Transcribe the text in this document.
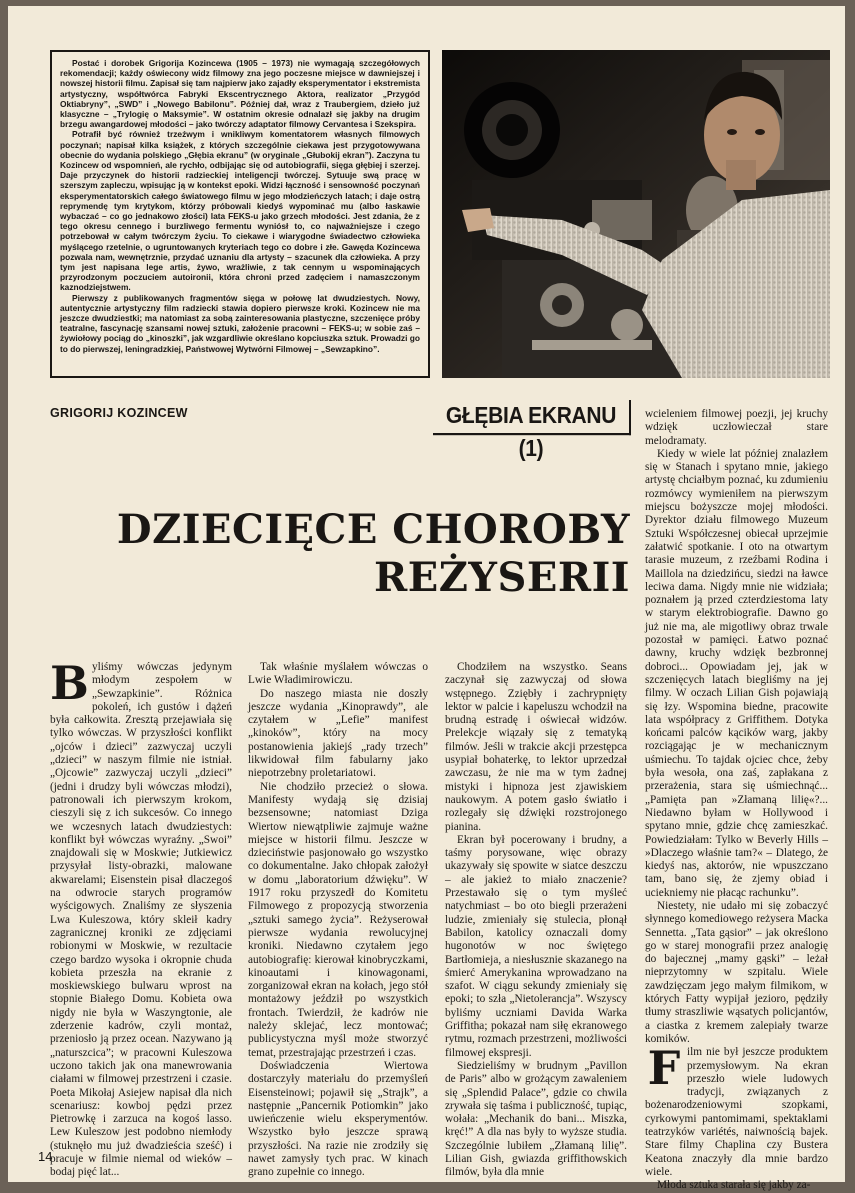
Postać i dorobek Grigorija Kozincewa (1905 – 1973) nie wymagają szczegółowych rekomendacji; każdy oświecony widz filmowy zna jego poczesne miejsce w dawniejszej i nowszej historii filmu. Zapisał się tam najpierw jako zajadły eksperymentator i ekstremista artystyczny, współtwórca Fabryki Ekscentrycznego Aktora, realizator „Przygód Oktiabryny”, „SWD” i „Nowego Babilonu”. Później dał, wraz z Traubergiem, dzieło już klasyczne – „Trylogię o Maksymie”. W ostatnim okresie odnalazł się jakby na drugim brzegu awangardowej młodości – jako twórczy adaptator filmowy Cervantesa i Szekspira.

Potrafił być również trzeźwym i wnikliwym komentatorem własnych filmowych poczynań; napisał kilka książek, z których szczególnie ciekawa jest przygotowywana obecnie do wydania polskiego „Głębia ekranu” (w oryginale „Głubokij ekran”). Zaczyna tu Kozincew od wspomnień, ale rychło, odbijając się od autobiografii, sięga głębiej i szerzej. Daje przyczynek do historii radzieckiej inteligencji twórczej. Sytuuje swą pracę w szerszym zapleczu, wpisując ją w kontekst epoki. Widzi łączność i sensowność poczynań eksperymentatorskich całego światowego filmu w jego młodzieńczych latach; i daje ostrą reprymendę tym krytykom, którzy próbowali kiedyś wypominać mu (albo łaskawie wybaczać – co go jednakowo złości) lata FEKS-u jako grzech młodości. Jest zdania, że z tego okresu cennego i burzliwego fermentu wyniósł to, co najważniejsze i czego potrzebował w całym twórczym życiu. To ciekawe i wiarygodne świadectwo człowieka myślącego rzetelnie, o ugruntowanych kryteriach tego co dobre i złe. Gawęda Kozincewa pozwala nam, wewnętrznie, przydać uznaniu dla artysty – szacunek dla człowieka. A przy tym jest napisana lege artis, żywo, wrażliwie, z tak cennym u wspominających przyrodzonym poczuciem autoironii, która chroni przed zadęciem i namaszczonym kaznodziejstwem.

Pierwszy z publikowanych fragmentów sięga w połowę lat dwudziestych. Nowy, autentycznie artystyczny film radziecki stawia dopiero pierwsze kroki. Kozincew nie ma jeszcze dwudziestki; ma natomiast za sobą zainteresowania plastyczne, szczenięce próby teatralne, fascynację szansami nowej sztuki, założenie pracowni – FEKS-u; w sobie zaś – żywiołowy pociąg do „kinoszki”, jak wzgardliwie określano kopciuszka sztuk. Prowadzi go to do pierwszej, leningradzkiej, Państwowej Wytwórni Filmowej – „Sewzapkino”.

GRIGORIJ KOZINCEW	GŁĘBIA EKRANU (1)
DZIECIĘCE CHOROBY
REŻYSERII

Byliśmy wówczas jedynym młodym zespołem w „Sewzapkinie”. Różnica pokoleń, ich gustów i dążeń była całkowita. Zresztą przejawiała się tylko wówczas. W przyszłości konflikt „ojców i dzieci” zazwyczaj uczyli „dzieci” w naszym filmie nie istniał. „Ojcowie” zazwyczaj uczyli „dzieci” (jedni i drudzy byli wówczas młodzi), patronowali ich pierwszym krokom, cieszyli się z ich sukcesów. Co innego we wczesnych latach dwudziestych: konflikt był wówczas wyraźny. „Swoi” znajdowali się w Moskwie; Jutkiewicz przysyłał listy-obrazki, malowane akwarelami; Eisenstein pisał dlaczegoś na odwrocie starych programów wyścigowych. Znaliśmy ze słyszenia Lwa Kuleszowa, który skleił kadry zagranicznej kroniki ze zdjęciami robionymi w Moskwie, w rezultacie czego bardzo wysoka i okropnie chuda kobieta przeszła na ekranie z moskiewskiego bulwaru wprost na stopnie Białego Domu. Kobieta owa nigdy nie była w Waszyngtonie, ale zderzenie kadrów, czyli montaż, przeniosło ją przez ocean. Nazywano ją „naturszcica”; w pracowni Kuleszowa uczono takich jak ona manewrowania ciałami w filmowej przestrzeni i czasie. Poeta Mikołaj Asiejew napisał dla nich scenariusz: kowboj pędzi przez Pietrowkę i zarzuca na kogoś lasso. Lew Kuleszow jest podobno niemłody (stuknęło mu już dwadzieścia sześć) i pracuje w filmie niemal od wieków – bodaj pięć lat...

Tak właśnie myślałem wówczas o Lwie Władimirowiczu.

Do naszego miasta nie doszły jeszcze wydania „Kinoprawdy”, ale czytałem w „Lefie” manifest „kinoków”, który na mocy postanowienia jakiejś „rady trzech” likwidował film fabularny jako niepotrzebny proletariatowi.

Nie chodziło przecież o słowa. Manifesty wydają się dzisiaj bezsensowne; natomiast Dziga Wiertow niewątpliwie zajmuje ważne miejsce w historii filmu. Jeszcze w dzieciństwie pasjonowało go wszystko co dokumentalne. Jako chłopak założył w domu „laboratorium dźwięku”. W 1917 roku przyszedł do Komitetu Filmowego z propozycją stworzenia „sztuki samego życia”. Reżyserował pierwsze wydania rewolucyjnej kroniki. Niedawno czytałem jego autobiografię: kierował kinobryczkami, kinoautami i kinowagonami, zorganizował ekran na kołach, jego stół montażowy jeździł po wszystkich frontach. Twierdził, że kadrów nie należy sklejać, lecz montować; publicystyczna myśl może stworzyć temat, przestrajając przestrzeń i czas.

Doświadczenia Wiertowa dostarczyły materiału do przemyśleń Eisensteinowi; pojawił się „Strajk”, a następnie „Pancernik Potiomkin” jako uwieńczenie wielu eksperymentów. Wszystko było jeszcze sprawą przyszłości. Na razie nie zrodziły się nawet zamysły tych prac. W kinach grano zupełnie co innego.

Chodziłem na wszystko. Seans zaczynał się zazwyczaj od słowa wstępnego. Zziębły i zachrypnięty lektor w palcie i kapeluszu wchodził na brudną estradę i oświecał widzów. Prelekcje wiązały się z tematyką filmów. Jeśli w trakcie akcji przestępca usypiał bohaterkę, to lektor uprzedzał zawczasu, że nie ma w tym żadnej mistyki i hipnoza jest zjawiskiem naukowym. A potem gasło światło i rozlegały się dźwięki rozstrojonego pianina.

Ekran był pocerowany i brudny, a taśmy porysowane, więc obrazy ukazywały się spowite w siatce deszczu – ale jakież to miało znaczenie? Przestawało się o tym myśleć natychmiast – bo oto biegli przerażeni ludzie, zmieniały się stulecia, płonął Babilon, katolicy oznaczali domy hugonotów w noc świętego Bartłomieja, a niesłusznie skazanego na śmierć Amerykanina wprowadzano na szafot. W ciągu sekundy zmieniały się epoki; to szła „Nietolerancja”. Wszyscy byliśmy uczniami Davida Warka Griffitha; pokazał nam siłę ekranowego rytmu, rozmach przestrzeni, możliwości filmowej ekspresji.

Siedzieliśmy w brudnym „Pavillon de Paris” albo w grożącym zawaleniem się „Splendid Palace”, gdzie co chwila zrywała się taśma i publiczność, tupiąc, wołała: „Mechanik do bani... Miszka, kręć!” A dla nas były to wyższe studia. Szczególnie lubiłem „Złamaną lilię”. Lilian Gish, gwiazda griffithowskich filmów, była dla mnie

wcieleniem filmowej poezji, jej kruchy wdzięk uczłowieczał stare melodramaty.

Kiedy w wiele lat później znalazłem się w Stanach i spytano mnie, jakiego artystę chciałbym poznać, ku zdumieniu rozmówcy wymieniłem na pierwszym miejscu bożyszcze mojej młodości. Dyrektor działu filmowego Muzeum Sztuki Współczesnej obiecał uprzejmie załatwić spotkanie. I oto na otwartym tarasie muzeum, z rzeźbami Rodina i Maillola na dziedzińcu, siedzi na ławce leciwa dama. Nigdy mnie nie widziała; poznałem ją przed czterdziestoma laty w starym elektrobiografie. Dawno go już nie ma, ale migotliwy obraz trwale pozostał w pamięci. Łatwo poznać dawny, kruchy wdzięk bezbronnej dobroci... Opowiadam jej, jak w szczenięcych latach biegliśmy na jej filmy. W oczach Lilian Gish pojawiają się łzy. Wspomina biedne, pracowite lata współpracy z Griffithem. Dotyka końcami palców kącików warg, jakby rozciągając je w mechanicznym uśmiechu. To tajdak ojciec chce, żeby była wesoła, ona zaś, zapłakana z przerażenia, stara się uśmiechnąć... „Pamięta pan »Złamaną lilię«?... Niedawno byłam w Hollywood i spytano mnie, gdzie chcę zamieszkać. Powiedziałam: Tylko w Beverly Hills – »Dlaczego właśnie tam?« – Dlatego, że kiedyś nas, aktorów, nie wpuszczano tam, bano się, że zjemy obiad i uciekniemy nie płacąc rachunku”.

Niestety, nie udało mi się zobaczyć słynnego komediowego reżysera Macka Sennetta. „Tata gąsior” – jak określono go w starej monografii przez analogię do bajecznej „mamy gąski” – leżał nieprzytomny w szpitalu. Wiele zawdzięczam jego małym filmikom, w których Fatty wypijał jezioro, pędziły tłumy straszliwie wąsatych policjantów, a ciastka z kremem zalepiały twarze komików.

Film nie był jeszcze produktem przemysłowym. Na ekran przeszło wiele ludowych tradycji, związanych z bożenarodzeniowymi szopkami, cyrkowymi pantomimami, spektaklami teatrzyków variétés, naiwnością bajek. Stare filmy Chaplina czy Bustera Keatona znaczyły dla mnie bardzo wiele.

Młoda sztuka starała się jakby za-

14
